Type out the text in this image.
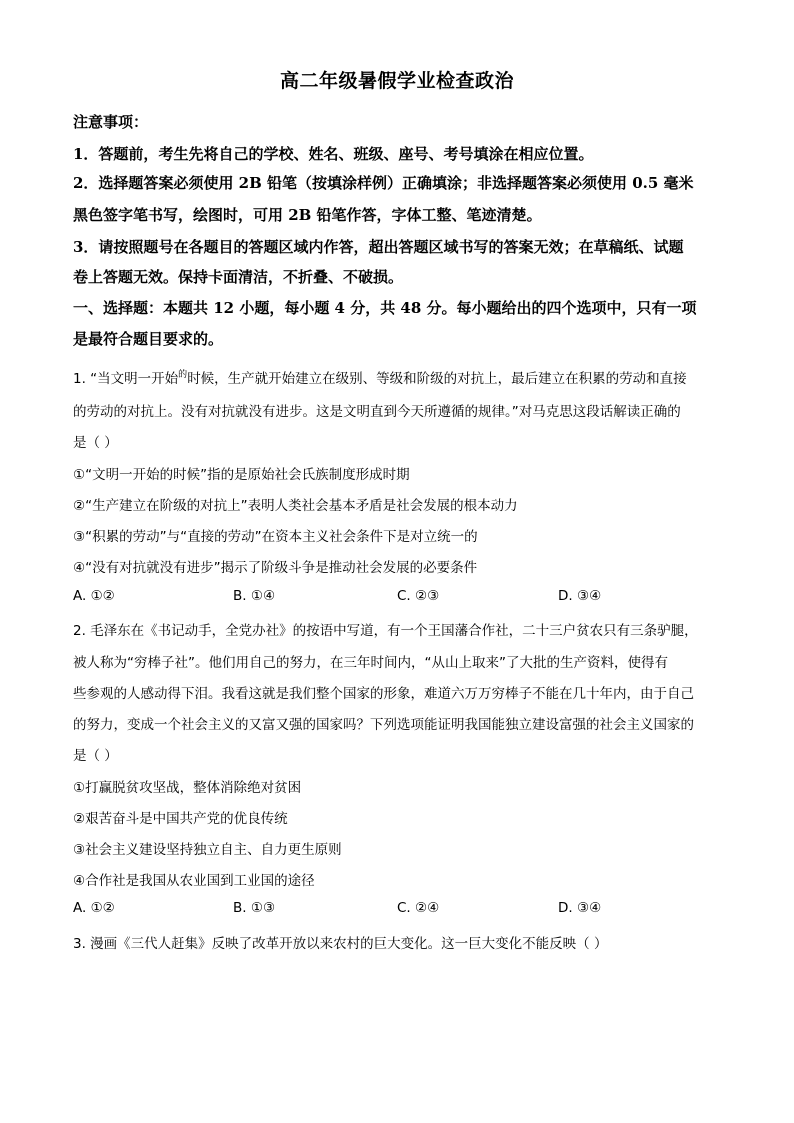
高二年级暑假学业检查政治
注意事项：
1．答题前，考生先将自己的学校、姓名、班级、座号、考号填涂在相应位置。
2．选择题答案必须使用 2B 铅笔（按填涂样例）正确填涂；非选择题答案必须使用 0.5 毫米
黑色签字笔书写，绘图时，可用 2B 铅笔作答，字体工整、笔迹清楚。
3．请按照题号在各题目的答题区域内作答，超出答题区域书写的答案无效；在草稿纸、试题
卷上答题无效。保持卡面清洁，不折叠、不破损。
一、选择题：本题共 12 小题，每小题 4 分，共 48 分。每小题给出的四个选项中，只有一项
是最符合题目要求的。
1. “当文明一开始$^的$时候，生产就开始建立在级别、等级和阶级的对抗上，最后建立在积累的劳动和直接
的劳动的对抗上。没有对抗就没有进步。这是文明直到今天所遵循的规律。”对马克思这段话解读正确的
是（ ）
①“文明一开始的时候”指的是原始社会氏族制度形成时期
②“生产建立在阶级的对抗上”表明人类社会基本矛盾是社会发展的根本动力
③“积累的劳动”与“直接的劳动”在资本主义社会条件下是对立统一的
④“没有对抗就没有进步”揭示了阶级斗争是推动社会发展的必要条件
A. ①②	B. ①④	C. ②③	D. ③④
2. 毛泽东在《书记动手，全党办社》的按语中写道，有一个王国藩合作社，二十三户贫农只有三条驴腿，
被人称为“穷棒子社”。他们用自己的努力，在三年时间内，“从山上取来”了大批的生产资料，使得有
些参观的人感动得下泪。我看这就是我们整个国家的形象，难道六万万穷棒子不能在几十年内，由于自己
的努力，变成一个社会主义的又富又强的国家吗？下列选项能证明我国能独立建设富强的社会主义国家的
是（ ）
①打赢脱贫攻坚战，整体消除绝对贫困
②艰苦奋斗是中国共产党的优良传统
③社会主义建设坚持独立自主、自力更生原则
④合作社是我国从农业国到工业国的途径
A. ①②	B. ①③	C. ②④	D. ③④
3. 漫画《三代人赶集》反映了改革开放以来农村的巨大变化。这一巨大变化不能反映（ ）
